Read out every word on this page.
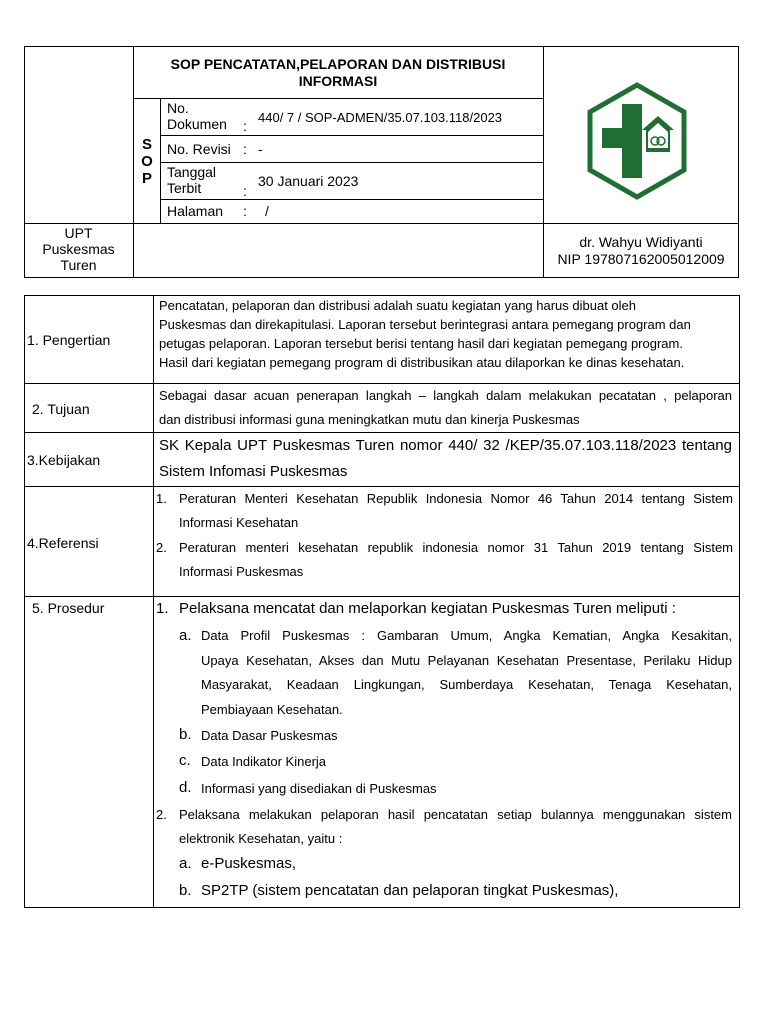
SOP PENCATATAN,PELAPORAN DAN DISTRIBUSI INFORMASI
S
O
P
No. Dokumen	:
440/ 7 / SOP-ADMEN/35.07.103.118/2023
No. Revisi : -
Tanggal Terbit	:
30 Januari 2023
Halaman : /
UPT Puskesmas Turen
dr. Wahyu Widiyanti
NIP 197807162005012009
1. Pengertian
Pencatatan, pelaporan dan distribusi adalah suatu kegiatan yang harus dibuat oleh
Puskesmas dan direkapitulasi. Laporan tersebut berintegrasi antara pemegang program dan
petugas pelaporan. Laporan tersebut berisi tentang hasil dari kegiatan pemegang program.
Hasil dari kegiatan pemegang program di distribusikan atau dilaporkan ke dinas kesehatan.
2. Tujuan
Sebagai dasar acuan penerapan langkah – langkah dalam melakukan pecatatan , pelaporan
dan distribusi informasi guna meningkatkan mutu dan kinerja Puskesmas
3.Kebijakan
SK Kepala UPT Puskesmas Turen nomor 440/ 32 /KEP/35.07.103.118/2023 tentang
Sistem Infomasi Puskesmas
4.Referensi
1. Peraturan Menteri Kesehatan Republik Indonesia Nomor 46 Tahun 2014 tentang Sistem
Informasi Kesehatan
2. Peraturan menteri kesehatan republik indonesia nomor 31 Tahun 2019 tentang Sistem
Informasi Puskesmas
5. Prosedur	1. Pelaksana mencatat dan melaporkan kegiatan Puskesmas Turen meliputi :
a. Data Profil Puskesmas : Gambaran Umum, Angka Kematian, Angka Kesakitan,
Upaya Kesehatan, Akses dan Mutu Pelayanan Kesehatan Presentase, Perilaku Hidup
Masyarakat, Keadaan Lingkungan, Sumberdaya Kesehatan, Tenaga Kesehatan,
Pembiayaan Kesehatan.
b. Data Dasar Puskesmas
c. Data Indikator Kinerja
d. Informasi yang disediakan di Puskesmas
2. Pelaksana melakukan pelaporan hasil pencatatan setiap bulannya menggunakan sistem
elektronik Kesehatan, yaitu :
a. e-Puskesmas,
b. SP2TP (sistem pencatatan dan pelaporan tingkat Puskesmas),
